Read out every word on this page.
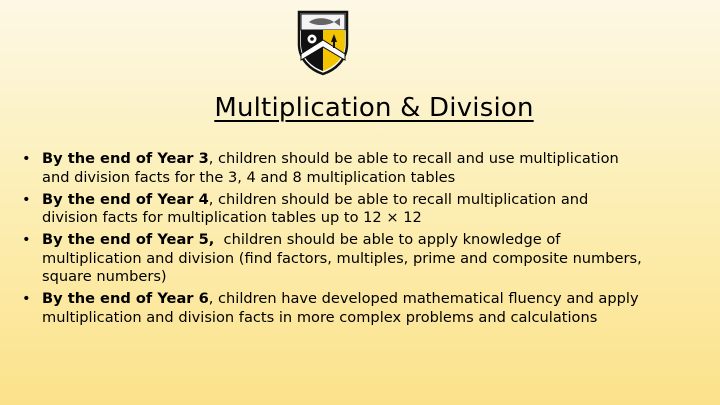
Multiplication & Division
• By the end of Year 3, children should be able to recall and use multiplication and division facts for the 3, 4 and 8 multiplication tables
• By the end of Year 4, children should be able to recall multiplication and division facts for multiplication tables up to 12 × 12
• By the end of Year 5,  children should be able to apply knowledge of multiplication and division (find factors, multiples, prime and composite numbers, square numbers)
• By the end of Year 6, children have developed mathematical fluency and apply multiplication and division facts in more complex problems and calculations
